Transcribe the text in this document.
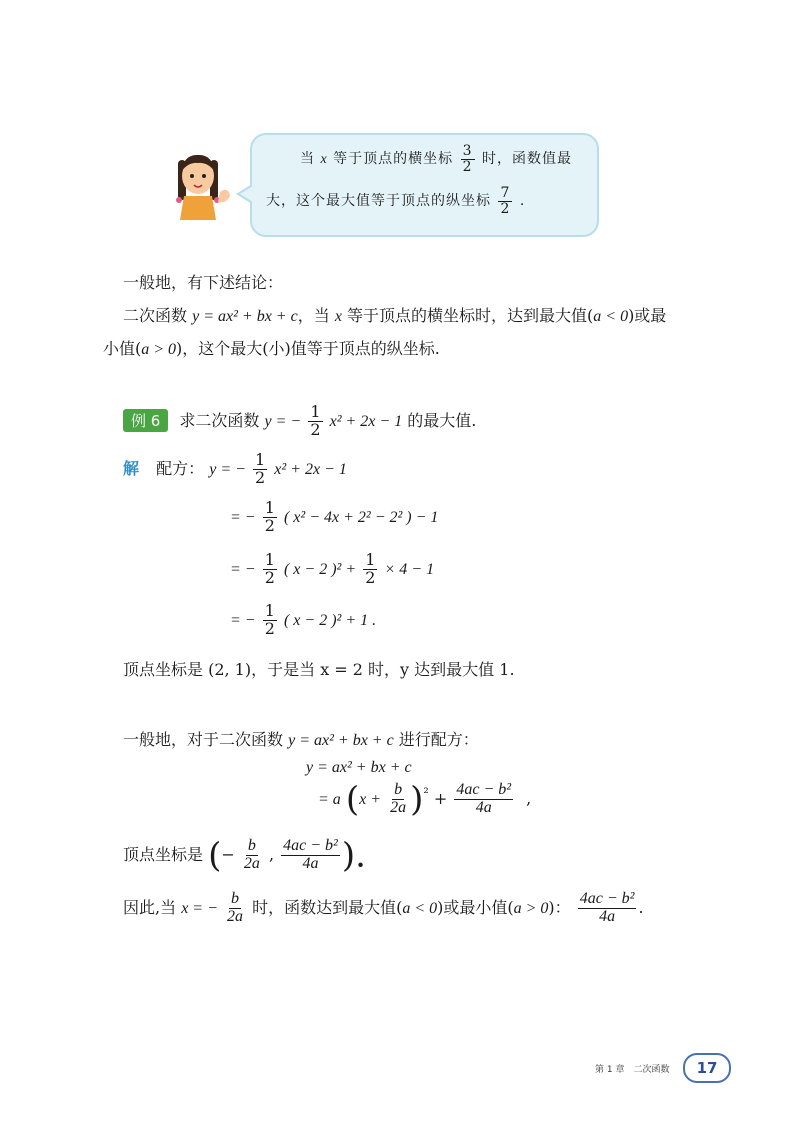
当 x 等于顶点的横坐标 $\frac{3}{2}$ 时，函数值最
大，这个最大值等于顶点的纵坐标 $\frac{7}{2}$ .
一般地，有下述结论：
二次函数 y = ax² + bx + c，当 x 等于顶点的横坐标时，达到最大值(a < 0)或最
小值(a > 0)，这个最大(小)值等于顶点的纵坐标.
例 6 求二次函数 y = − $\frac{1}{2} x^2 + 2x - 1$ 的最大值.
解 配方： y = − $\frac{1}{2} x^2 + 2x - 1$
= − $\frac{1}{2}$ ( x² − 4x + 2² − 2² ) − 1
= − $\frac{1}{2}$ ( x − 2 )$^2 + \frac{1}{2} \times 4 - 1$
= − $\frac{1}{2}$ ( x − 2 )² + 1 .
顶点坐标是 (2, 1)，于是当 x = 2 时，y 达到最大值 1.
一般地，对于二次函数 y = ax² + bx + c 进行配方：
y = ax² + bx + c
= a $(x + \frac{b}{2a} )^{^2} + \frac{\text{4ac − b²}}{4a}$ ,
顶点坐标是 (− $\frac{b}{2a}$ , $\frac{\text{4ac − b²}}{4a}$ ).
因此,当 x = − $\frac{b}{2a}$ 时，函数达到最大值(a < 0)或最小值(a > 0)： $\frac{\text{4ac − b²}}{4a}$ .
第 1 章　二次函数	17
